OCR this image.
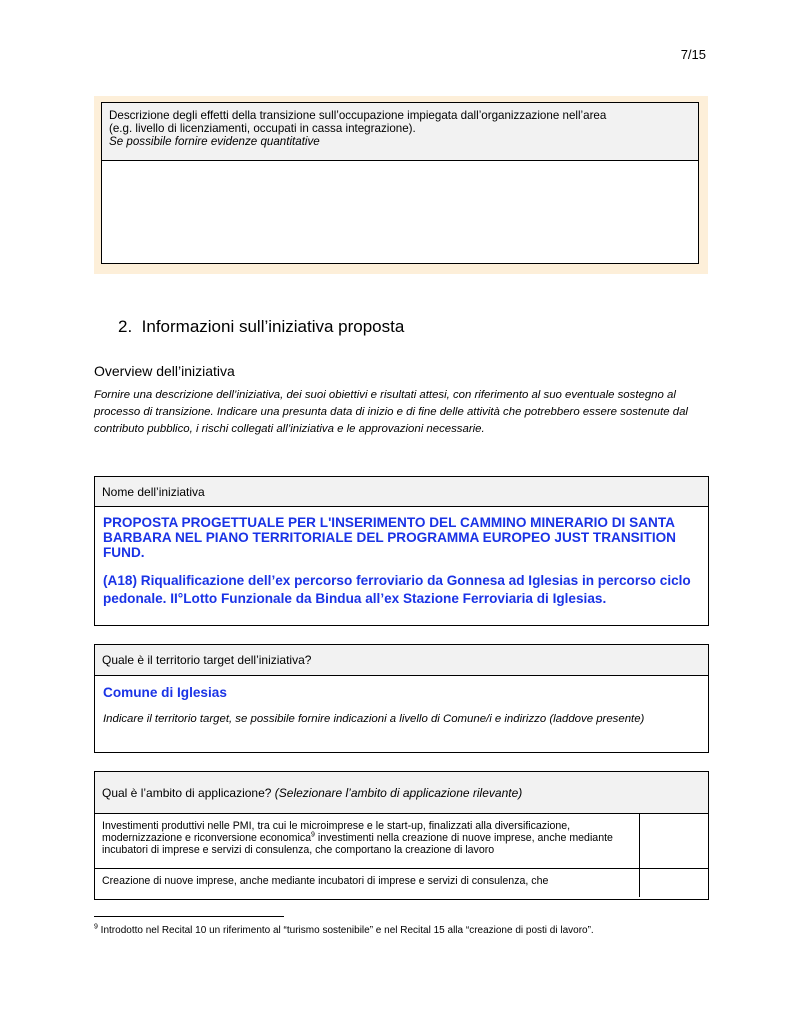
7/15
Descrizione degli effetti della transizione sull’occupazione impiegata dall’organizzazione nell’area
(e.g. livello di licenziamenti, occupati in cassa integrazione).
Se possibile fornire evidenze quantitative
2. Informazioni sull’iniziativa proposta
Overview dell’iniziativa
Fornire una descrizione dell’iniziativa, dei suoi obiettivi e risultati attesi, con riferimento al suo eventuale sostegno al processo di transizione. Indicare una presunta data di inizio e di fine delle attività che potrebbero essere sostenute dal contributo pubblico, i rischi collegati all’iniziativa e le approvazioni necessarie.
Nome dell’iniziativa
PROPOSTA PROGETTUALE PER L'INSERIMENTO DEL CAMMINO MINERARIO DI SANTA BARBARA NEL PIANO TERRITORIALE DEL PROGRAMMA EUROPEO JUST TRANSITION FUND.
(A18) Riqualificazione dell’ex percorso ferroviario da Gonnesa ad Iglesias in percorso ciclo pedonale. II°Lotto Funzionale da Bindua all’ex Stazione Ferroviaria di Iglesias.
Quale è il territorio target dell’iniziativa?
Comune di Iglesias
Indicare il territorio target, se possibile fornire indicazioni a livello di Comune/i e indirizzo (laddove presente)
Qual è l’ambito di applicazione?
(Selezionare l’ambito di applicazione rilevante)
Investimenti produttivi nelle PMI, tra cui le microimprese e le start-up, finalizzati alla diversificazione, modernizzazione e riconversione economica$^9$ investimenti nella creazione di nuove imprese, anche mediante incubatori di imprese e servizi di consulenza, che comportano la creazione di lavoro
Creazione di nuove imprese, anche mediante incubatori di imprese e servizi di consulenza, che
$^9$ Introdotto nel Recital 10 un riferimento al “turismo sostenibile” e nel Recital 15 alla “creazione di posti di lavoro”.
